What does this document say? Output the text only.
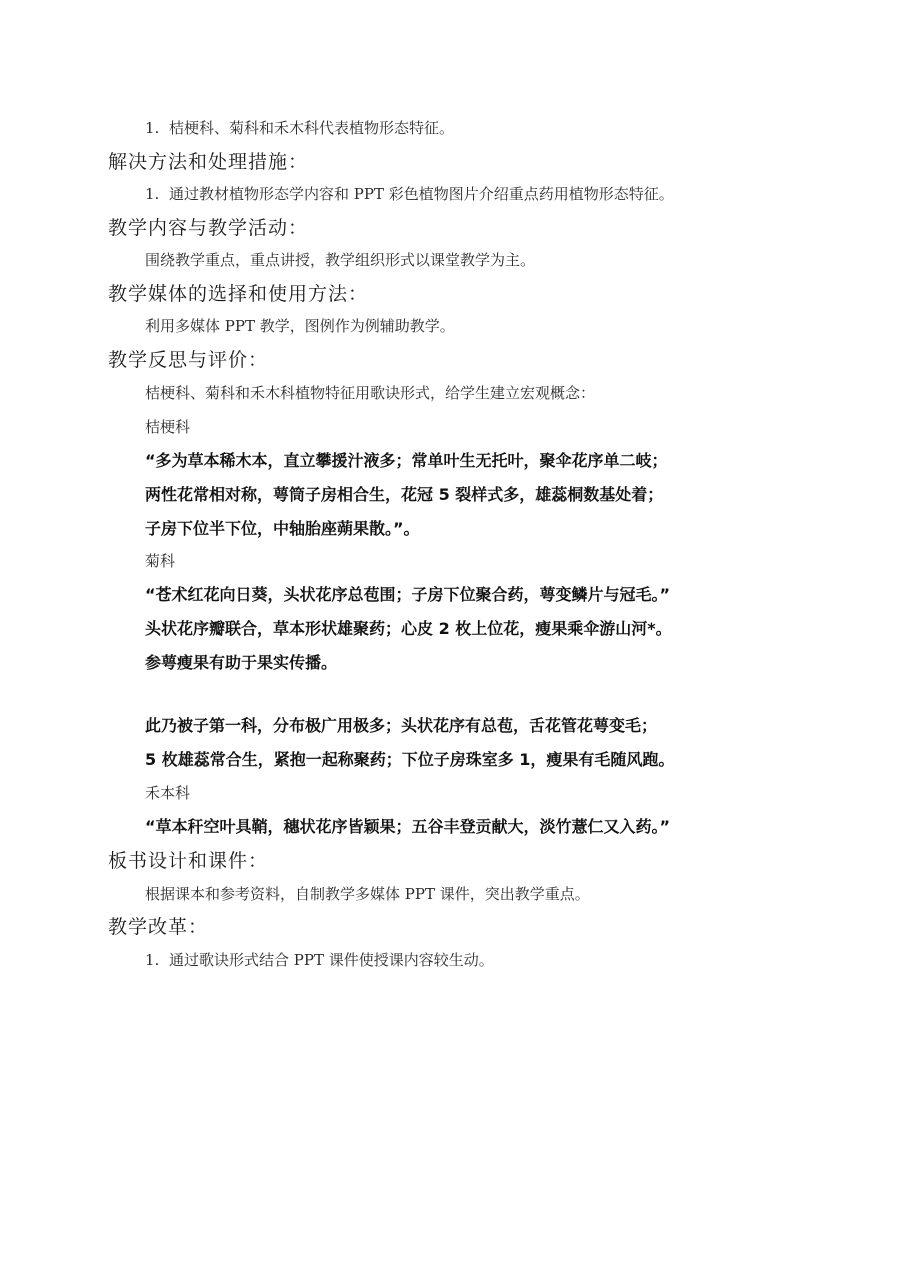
1. 桔梗科、菊科和禾木科代表植物形态特征。
解决方法和处理措施：
1. 通过教材植物形态学内容和 PPT 彩色植物图片介绍重点药用植物形态特征。
教学内容与教学活动：
围绕教学重点，重点讲授，教学组织形式以课堂教学为主。
教学媒体的选择和使用方法：
利用多媒体 PPT 教学，图例作为例辅助教学。
教学反思与评价：
桔梗科、菊科和禾木科植物特征用歌诀形式，给学生建立宏观概念：
桔梗科
“多为草本稀木本，直立攀援汁液多；常单叶生无托叶，聚伞花序单二岐；
两性花常相对称，萼筒子房相合生，花冠 5 裂样式多，雄蕊桐数基处着；
子房下位半下位，中轴胎座蒴果散。”。
菊科
“苍术红花向日葵，头状花序总苞围；子房下位聚合药，萼变鳞片与冠毛。”
头状花序瓣联合，草本形状雄聚药；心皮 2 枚上位花，瘦果乘伞游山河*。
参萼瘦果有助于果实传播。
此乃被子第一科，分布极广用极多；头状花序有总苞，舌花管花萼变毛；
5 枚雄蕊常合生，紧抱一起称聚药；下位子房珠室多 1，瘦果有毛随风跑。
禾本科
“草本秆空叶具鞘，穗状花序皆颖果；五谷丰登贡献大，淡竹薏仁又入药。”
板书设计和课件：
根据课本和参考资料，自制教学多媒体 PPT 课件，突出教学重点。
教学改革：
1. 通过歌诀形式结合 PPT 课件使授课内容较生动。
